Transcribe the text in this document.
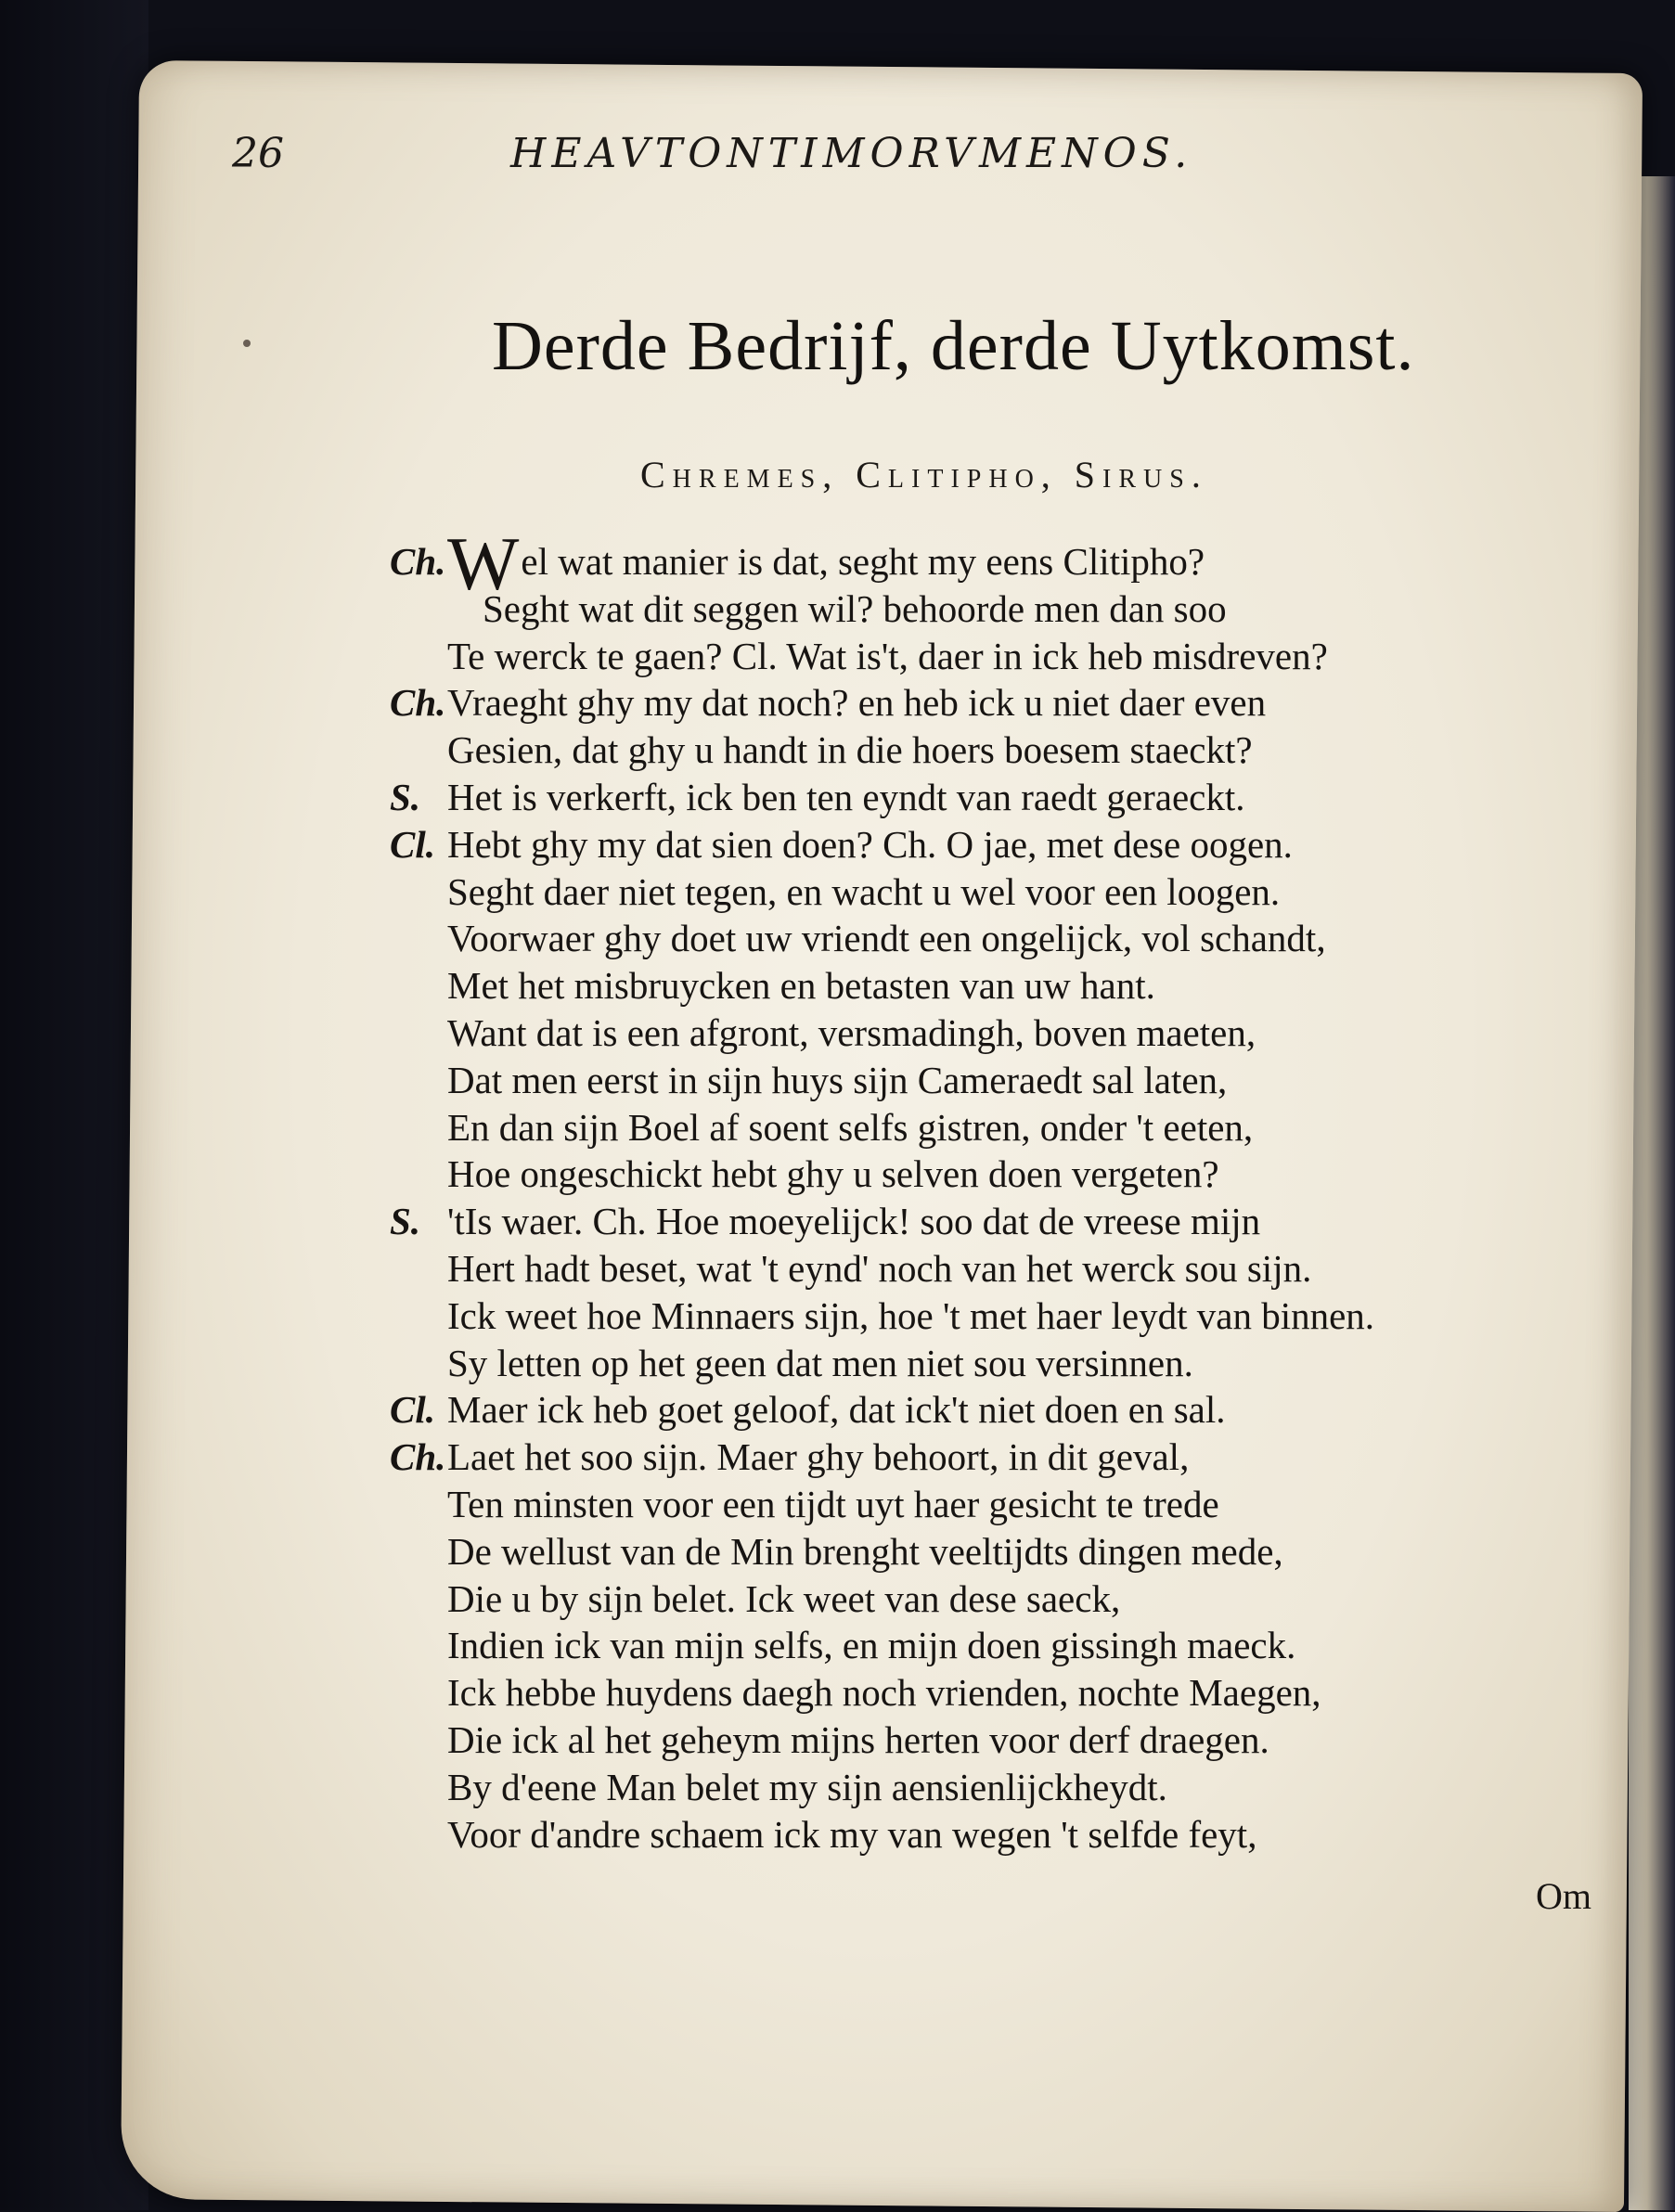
26	HEAVTONTIMORVMENOS.
Derde Bedrijf, derde Uytkomst.
Chremes, Clitipho, Sirus.
Ch. Wel wat manier is dat, seght my eens Clitipho?
Seght wat dit seggen wil? behoorde men dan soo
Te werck te gaen? Cl. Wat is't, daer in ick heb misdreven?
Ch. Vraeght ghy my dat noch? en heb ick u niet daer even
Gesien, dat ghy u handt in die hoers boesem staeckt?
S. Het is verkerft, ick ben ten eyndt van raedt geraeckt.
Cl. Hebt ghy my dat sien doen? Ch. O jae, met dese oogen.
Seght daer niet tegen, en wacht u wel voor een loogen.
Voorwaer ghy doet uw vriendt een ongelijck, vol schandt,
Met het misbruycken en betasten van uw hant.
Want dat is een afgront, versmadingh, boven maeten,
Dat men eerst in sijn huys sijn Cameraedt sal laten,
En dan sijn Boel af soent selfs gistren, onder 't eeten,
Hoe ongeschickt hebt ghy u selven doen vergeten?
S. 'tIs waer. Ch. Hoe moeyelijck! soo dat de vreese mijn
Hert hadt beset, wat 't eynd' noch van het werck sou sijn.
Ick weet hoe Minnaers sijn, hoe 't met haer leydt van binnen.
Sy letten op het geen dat men niet sou versinnen.
Cl. Maer ick heb goet geloof, dat ick't niet doen en sal.
Ch. Laet het soo sijn. Maer ghy behoort, in dit geval,
Ten minsten voor een tijdt uyt haer gesicht te trede
De wellust van de Min brenght veeltijdts dingen mede,
Die u by sijn belet. Ick weet van dese saeck,
Indien ick van mijn selfs, en mijn doen gissingh maeck.
Ick hebbe huydens daegh noch vrienden, nochte Maegen,
Die ick al het geheym mijns herten voor derf draegen.
By d'eene Man belet my sijn aensienlijckheydt.
Voor d'andre schaem ick my van wegen 't selfde feyt,
Om
